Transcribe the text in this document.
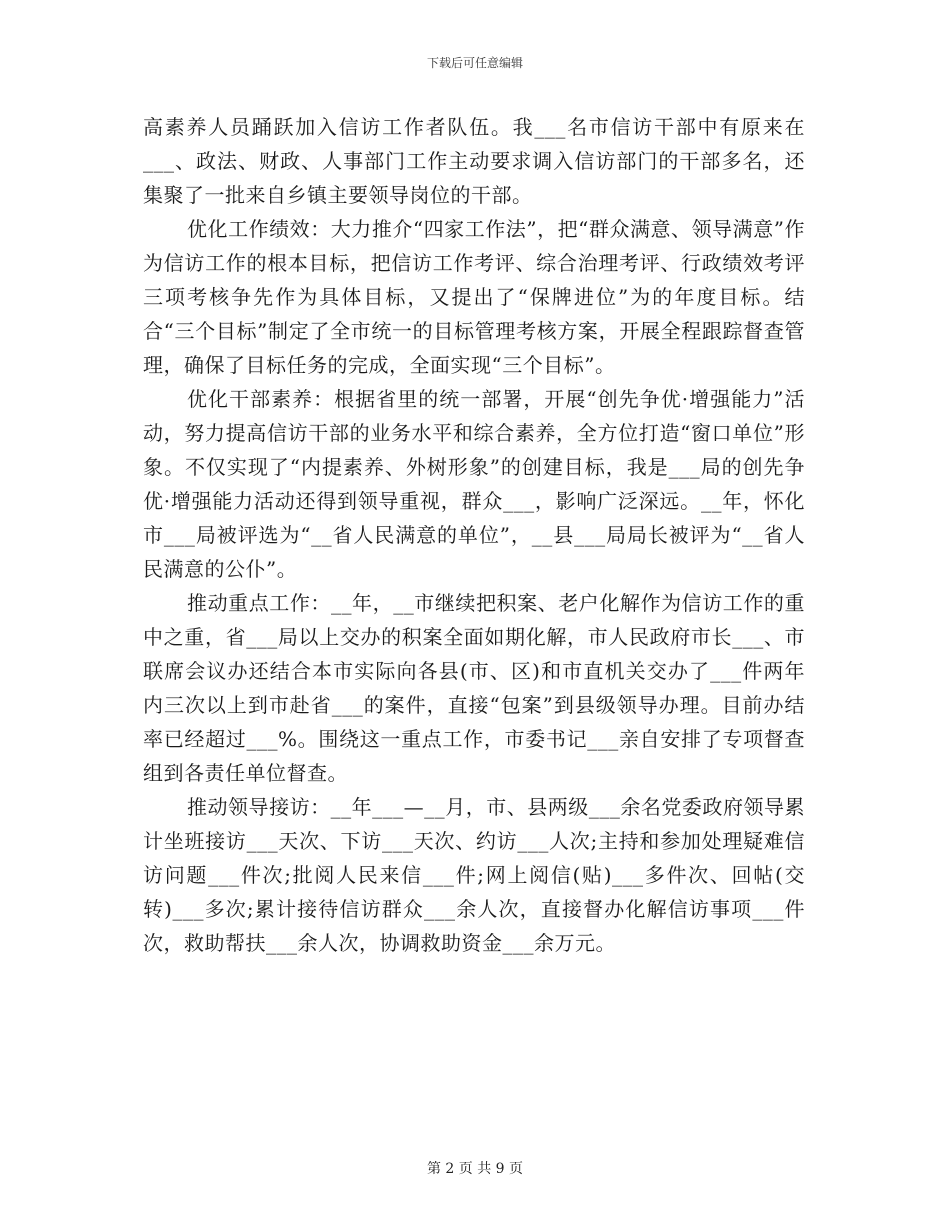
下载后可任意编辑

高素养人员踊跃加入信访工作者队伍。我___名市信访干部中有原来在___、政法、财政、人事部门工作主动要求调入信访部门的干部多名，还集聚了一批来自乡镇主要领导岗位的干部。

优化工作绩效：大力推介“四家工作法”，把“群众满意、领导满意”作为信访工作的根本目标，把信访工作考评、综合治理考评、行政绩效考评三项考核争先作为具体目标，又提出了“保牌进位”为的年度目标。结合“三个目标”制定了全市统一的目标管理考核方案，开展全程跟踪督查管理，确保了目标任务的完成，全面实现“三个目标”。

优化干部素养：根据省里的统一部署，开展“创先争优·增强能力”活动，努力提高信访干部的业务水平和综合素养，全方位打造“窗口单位”形象。不仅实现了“内提素养、外树形象”的创建目标，我是___局的创先争优·增强能力活动还得到领导重视，群众___，影响广泛深远。__年，怀化市___局被评选为“__省人民满意的单位”，__县___局局长被评为“__省人民满意的公仆”。

推动重点工作：__年，__市继续把积案、老户化解作为信访工作的重中之重，省___局以上交办的积案全面如期化解，市人民政府市长___、市联席会议办还结合本市实际向各县(市、区)和市直机关交办了___件两年内三次以上到市赴省___的案件，直接“包案”到县级领导办理。目前办结率已经超过___%。围绕这一重点工作，市委书记___亲自安排了专项督查组到各责任单位督查。

推动领导接访：__年___—__月，市、县两级___余名党委政府领导累计坐班接访___天次、下访___天次、约访___人次;主持和参加处理疑难信访问题___件次;批阅人民来信___件;网上阅信(贴)___多件次、回帖(交转)___多次;累计接待信访群众___余人次，直接督办化解信访事项___件次，救助帮扶___余人次，协调救助资金___余万元。

第 2 页 共 9 页
